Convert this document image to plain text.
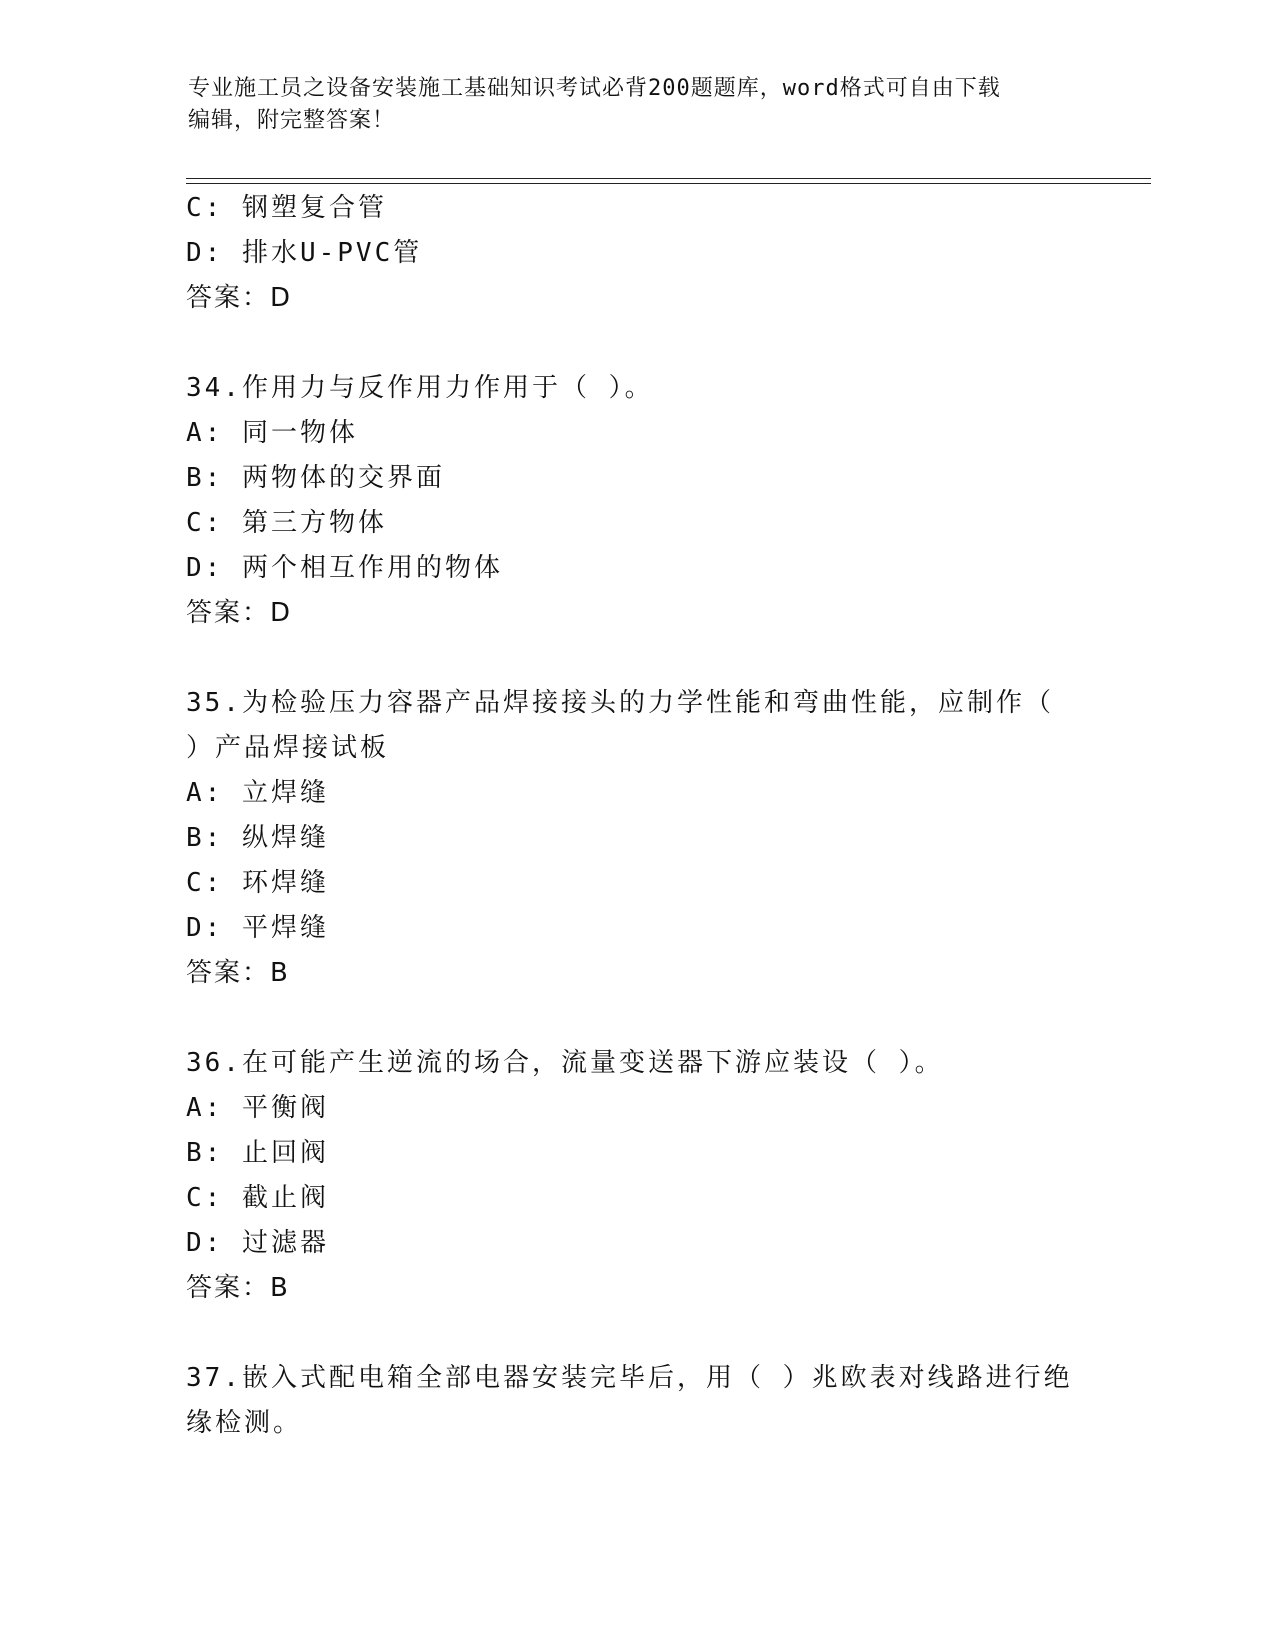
专业施工员之设备安装施工基础知识考试必背200题题库，word格式可自由下载
编辑，附完整答案！
C: 钢塑复合管
D: 排水U-PVC管
答案：D
34.作用力与反作用力作用于（ ）。
A: 同一物体
B: 两物体的交界面
C: 第三方物体
D: 两个相互作用的物体
答案：D
35.为检验压力容器产品焊接接头的力学性能和弯曲性能，应制作（
）产品焊接试板
A: 立焊缝
B: 纵焊缝
C: 环焊缝
D: 平焊缝
答案：B
36.在可能产生逆流的场合，流量变送器下游应装设（ ）。
A: 平衡阀
B: 止回阀
C: 截止阀
D: 过滤器
答案：B
37.嵌入式配电箱全部电器安装完毕后，用（ ）兆欧表对线路进行绝
缘检测。
